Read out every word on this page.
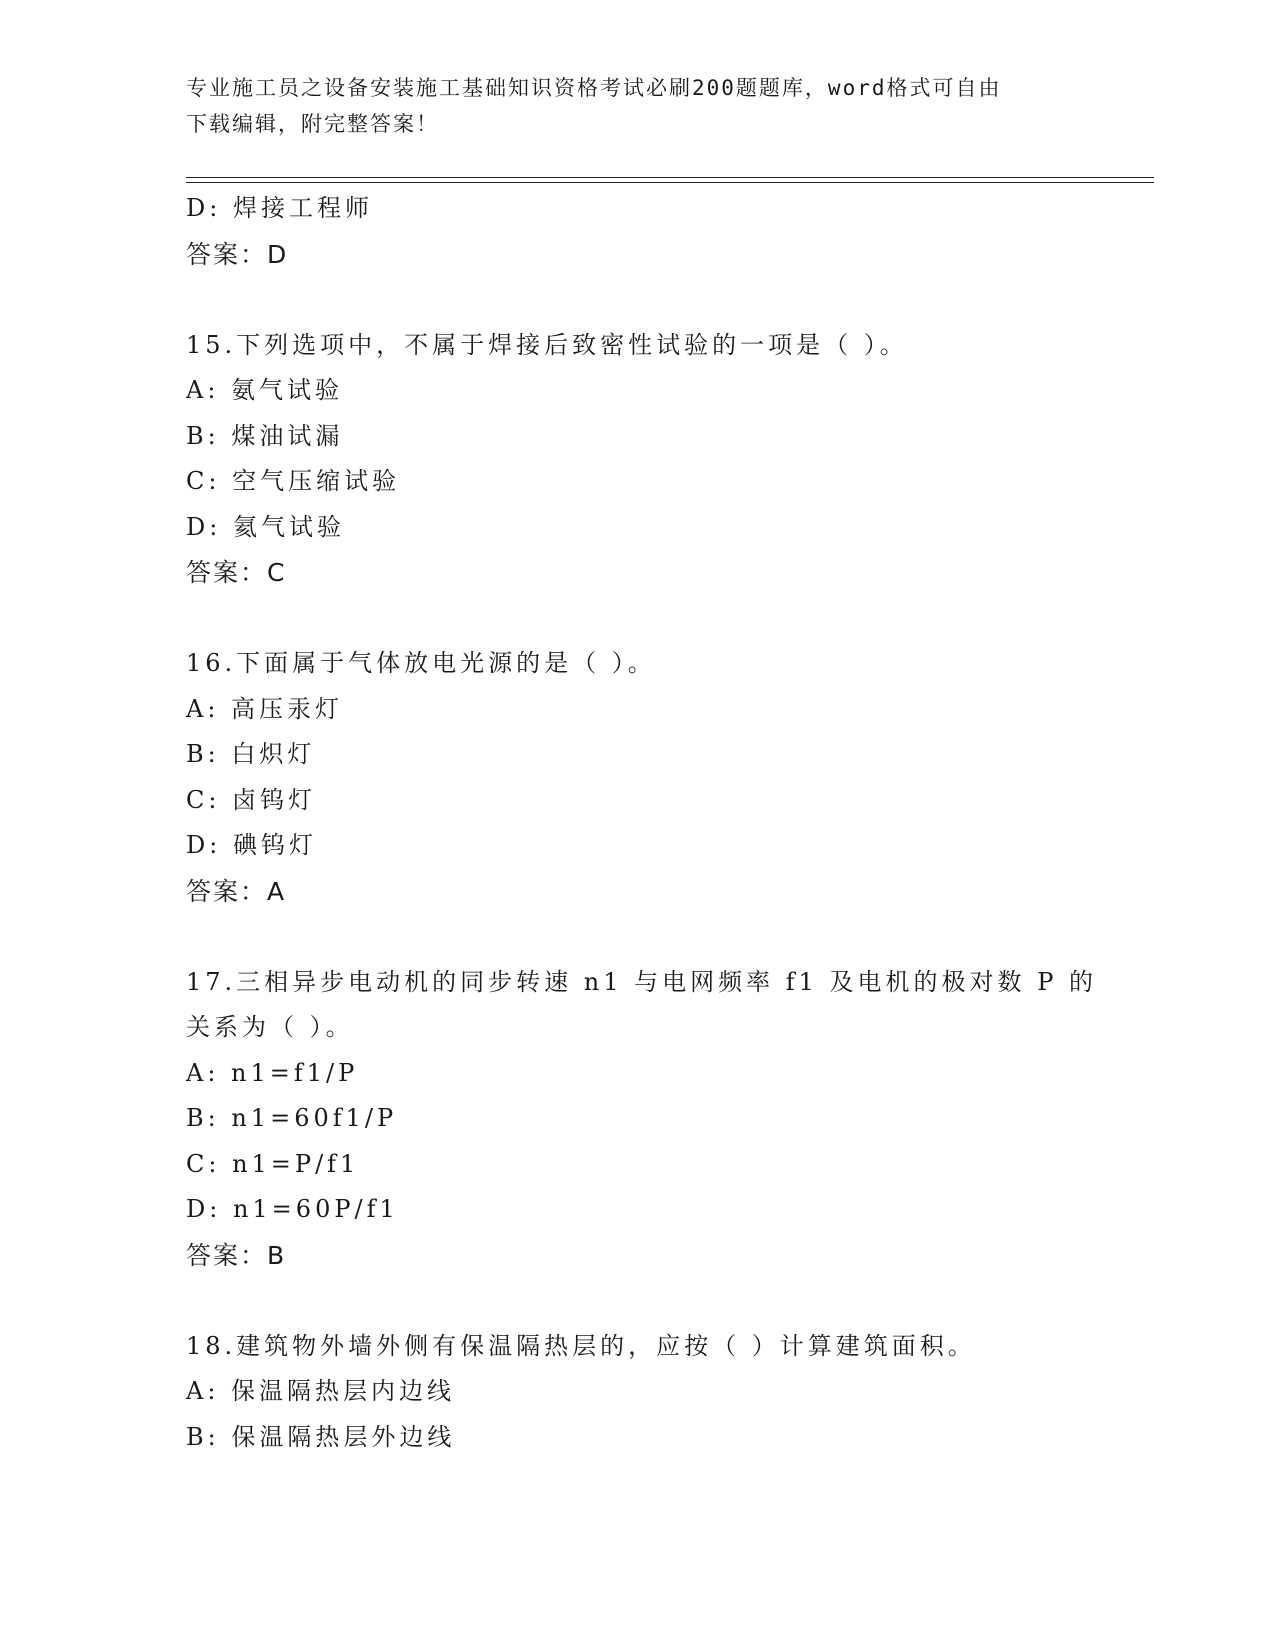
专业施工员之设备安装施工基础知识资格考试必刷200题题库，word格式可自由
下载编辑，附完整答案！
D: 焊接工程师
答案：D
15.下列选项中，不属于焊接后致密性试验的一项是（ ）。
A: 氨气试验
B: 煤油试漏
C: 空气压缩试验
D: 氦气试验
答案：C
16.下面属于气体放电光源的是（ ）。
A: 高压汞灯
B: 白炽灯
C: 卤钨灯
D: 碘钨灯
答案：A
17.三相异步电动机的同步转速 n1 与电网频率 f1 及电机的极对数 P 的
关系为（ ）。
A: n1=f1/P
B: n1=60f1/P
C: n1=P/f1
D: n1=60P/f1
答案：B
18.建筑物外墙外侧有保温隔热层的，应按（ ）计算建筑面积。
A: 保温隔热层内边线
B: 保温隔热层外边线
